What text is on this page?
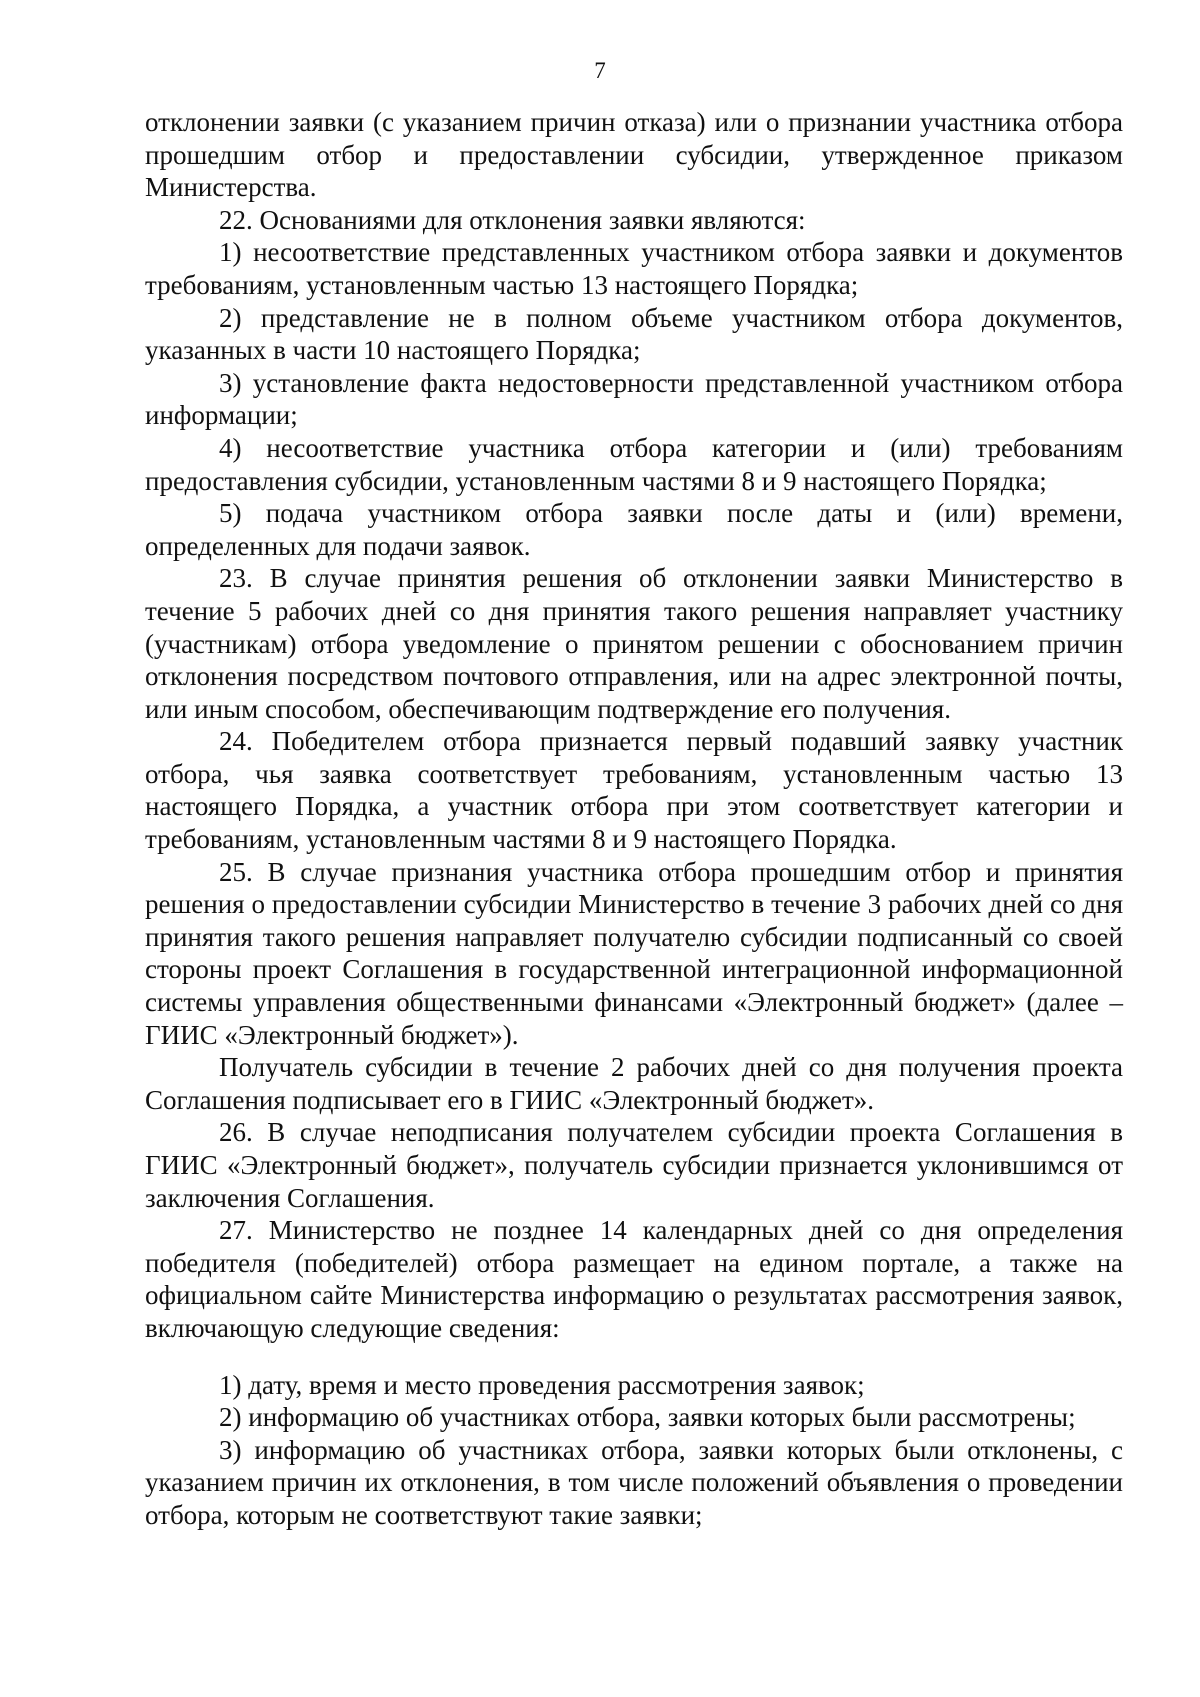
7

отклонении заявки (с указанием причин отказа) или о признании участника отбора прошедшим отбор и предоставлении субсидии, утвержденное приказом Министерства.

22. Основаниями для отклонения заявки являются:

1) несоответствие представленных участником отбора заявки и документов требованиям, установленным частью 13 настоящего Порядка;

2) представление не в полном объеме участником отбора документов, указанных в части 10 настоящего Порядка;

3) установление факта недостоверности представленной участником отбора информации;

4) несоответствие участника отбора категории и (или) требованиям предоставления субсидии, установленным частями 8 и 9 настоящего Порядка;

5) подача участником отбора заявки после даты и (или) времени, определенных для подачи заявок.

23. В случае принятия решения об отклонении заявки Министерство в течение 5 рабочих дней со дня принятия такого решения направляет участнику (участникам) отбора уведомление о принятом решении с обоснованием причин отклонения посредством почтового отправления, или на адрес электронной почты, или иным способом, обеспечивающим подтверждение его получения.

24. Победителем отбора признается первый подавший заявку участник отбора, чья заявка соответствует требованиям, установленным частью 13 настоящего Порядка, а участник отбора при этом соответствует категории и требованиям, установленным частями 8 и 9 настоящего Порядка.

25. В случае признания участника отбора прошедшим отбор и принятия решения о предоставлении субсидии Министерство в течение 3 рабочих дней со дня принятия такого решения направляет получателю субсидии подписанный со своей стороны проект Соглашения в государственной интеграционной информационной системы управления общественными финансами «Электронный бюджет» (далее – ГИИС «Электронный бюджет»).

Получатель субсидии в течение 2 рабочих дней со дня получения проекта Соглашения подписывает его в ГИИС «Электронный бюджет».

26. В случае неподписания получателем субсидии проекта Соглашения в ГИИС «Электронный бюджет», получатель субсидии признается уклонившимся от заключения Соглашения.

27. Министерство не позднее 14 календарных дней со дня определения победителя (победителей) отбора размещает на едином портале, а также на официальном сайте Министерства информацию о результатах рассмотрения заявок, включающую следующие сведения:

1) дату, время и место проведения рассмотрения заявок;

2) информацию об участниках отбора, заявки которых были рассмотрены;

3) информацию об участниках отбора, заявки которых были отклонены, с указанием причин их отклонения, в том числе положений объявления о проведении отбора, которым не соответствуют такие заявки;
